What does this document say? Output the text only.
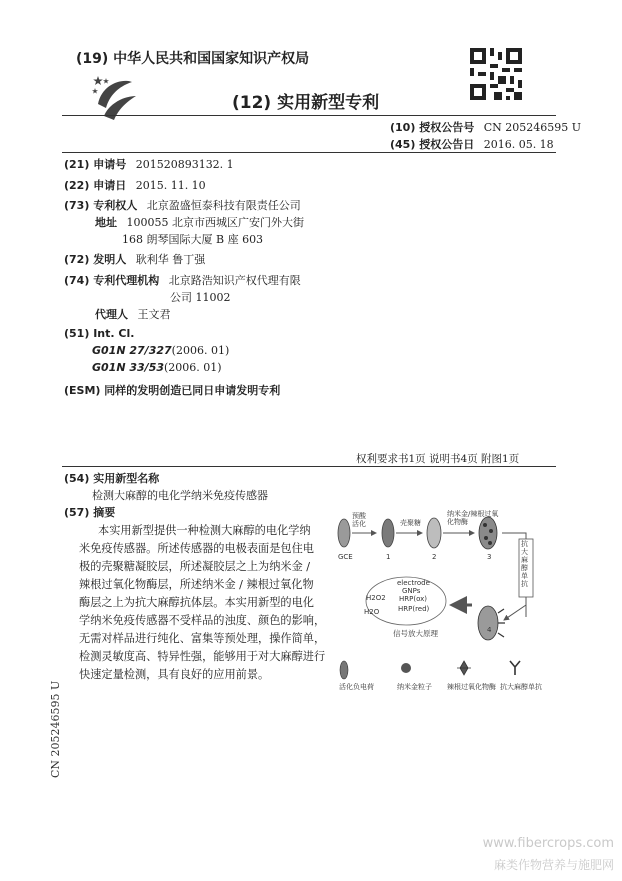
(19) 中华人民共和国国家知识产权局
(12) 实用新型专利
(10) 授权公告号 CN 205246595 U
(45) 授权公告日 2016. 05. 18
(21) 申请号 201520893132. 1
(22) 申请日 2015. 11. 10
(73) 专利权人 北京盈盛恒泰科技有限责任公司
地址 100055 北京市西城区广安门外大街
168 朗琴国际大厦 B 座 603
(72) 发明人 耿利华 鲁丁强
(74) 专利代理机构 北京路浩知识产权代理有限
公司 11002
代理人 王文君
(51) Int. Cl.
G01N 27/327(2006. 01)
G01N 33/53(2006. 01)
(ESM) 同样的发明创造已同日申请发明专利
权利要求书1页 说明书4页 附图1页
(54) 实用新型名称
检测大麻醇的电化学纳米免疫传感器
(57) 摘要
本实用新型提供一种检测大麻醇的电化学纳
米免疫传感器。所述传感器的电极表面是包住电
极的壳聚糖凝胶层，所述凝胶层之上为纳米金 /
辣根过氧化物酶层，所述纳米金 / 辣根过氧化物
酶层之上为抗大麻醇抗体层。本实用新型的电化
学纳米免疫传感器不受样品的浊度、颜色的影响，
无需对样品进行纯化、富集等预处理，操作简单，
检测灵敏度高、特异性强，能够用于对大麻醇进行
快速定量检测，具有良好的应用前景。
预酸活化	壳聚糖
纳米金/辣根过氧化物酶
抗大麻醇单抗
GCE	1	2	3
4
electrode
GNPs
HRP(ox)
H2O2
HRP(red)
H2O
信号放大原理
活化负电荷	纳米金粒子 辣根过氧化物酶 抗大麻醇单抗
CN 205246595 U
www.fibercrops.com
麻类作物营养与施肥网
